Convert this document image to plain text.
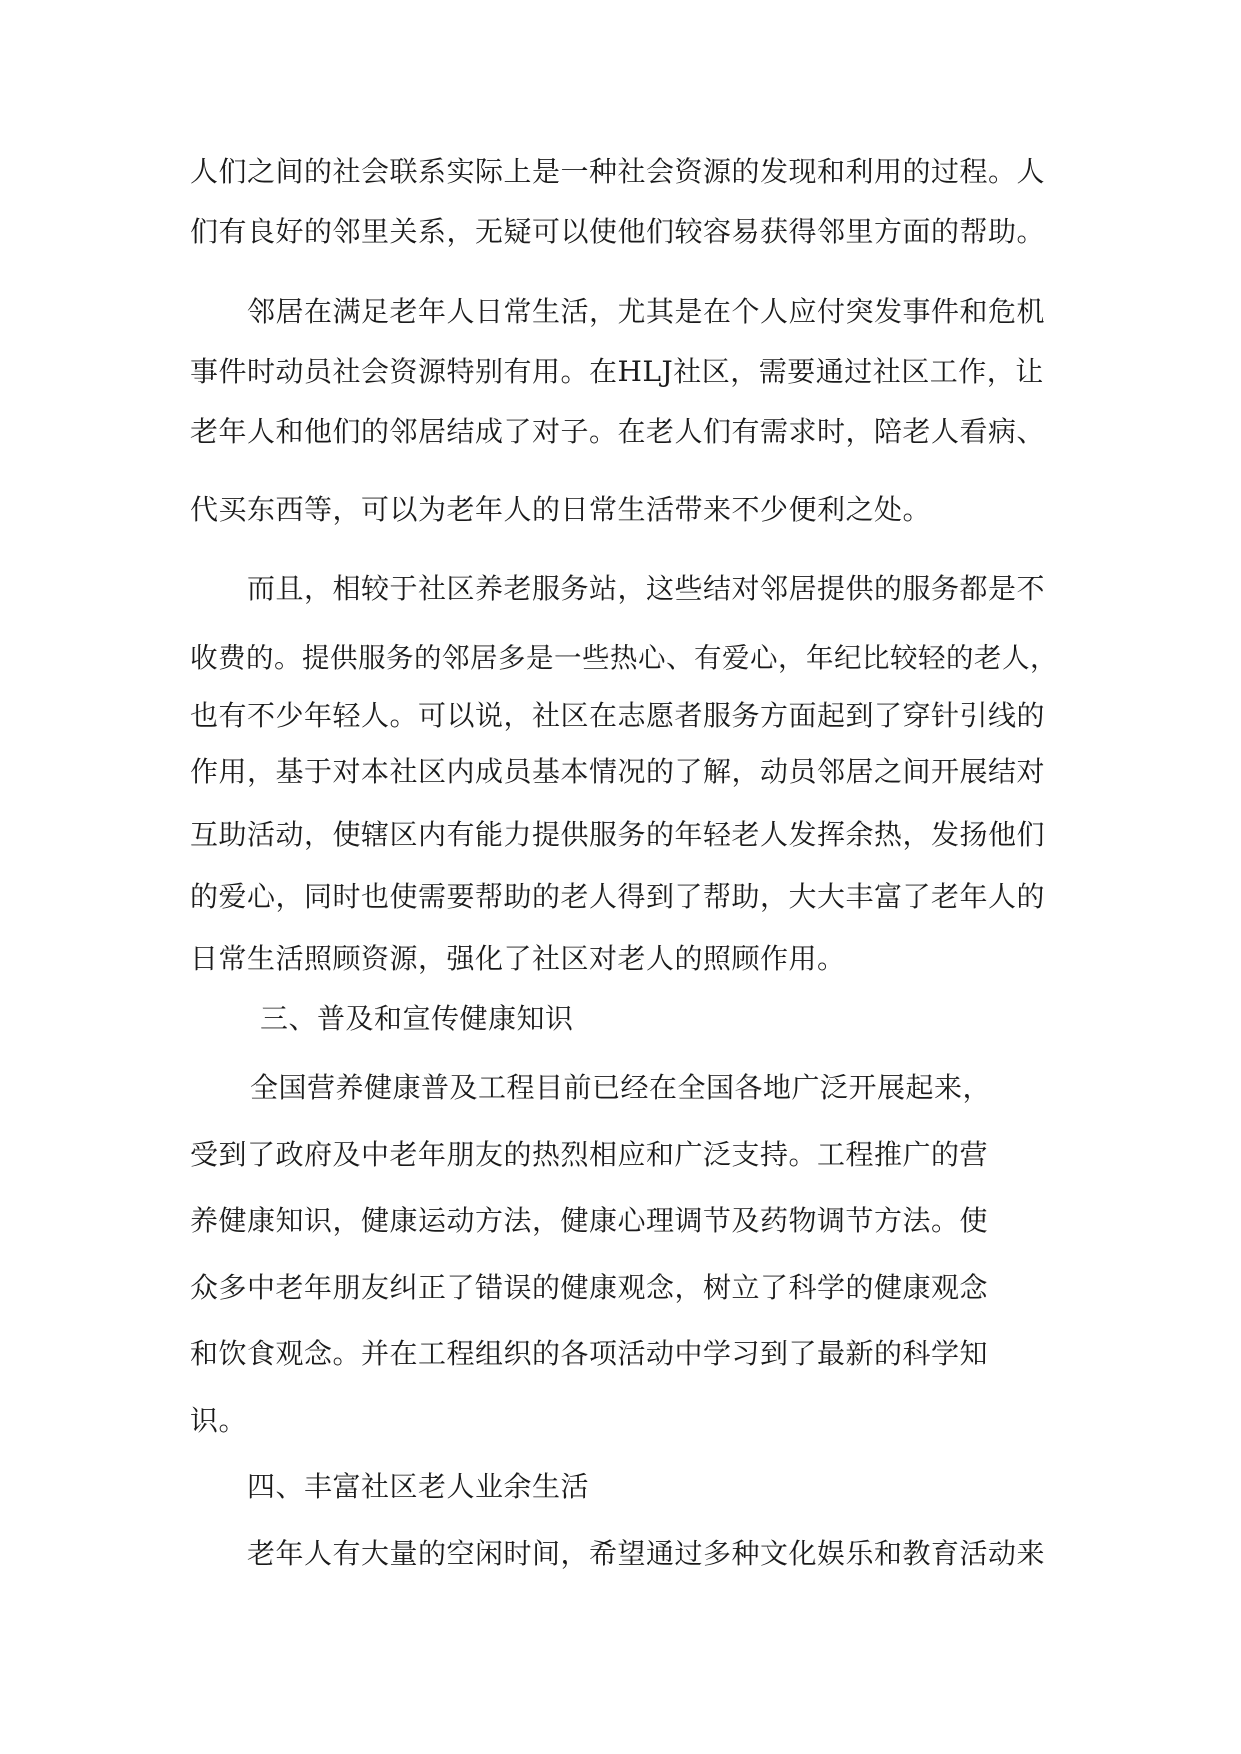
人们之间的社会联系实际上是一种社会资源的发现和利用的过程。人
们有良好的邻里关系，无疑可以使他们较容易获得邻里方面的帮助。
邻居在满足老年人日常生活，尤其是在个人应付突发事件和危机
事件时动员社会资源特别有用。在HLJ社区，需要通过社区工作，让
老年人和他们的邻居结成了对子。在老人们有需求时，陪老人看病、
代买东西等，可以为老年人的日常生活带来不少便利之处。
而且，相较于社区养老服务站，这些结对邻居提供的服务都是不
收费的。提供服务的邻居多是一些热心、有爱心，年纪比较轻的老人，
也有不少年轻人。可以说，社区在志愿者服务方面起到了穿针引线的
作用，基于对本社区内成员基本情况的了解，动员邻居之间开展结对
互助活动，使辖区内有能力提供服务的年轻老人发挥余热，发扬他们
的爱心，同时也使需要帮助的老人得到了帮助，大大丰富了老年人的
日常生活照顾资源，强化了社区对老人的照顾作用。
三、普及和宣传健康知识
全国营养健康普及工程目前已经在全国各地广泛开展起来，
受到了政府及中老年朋友的热烈相应和广泛支持。工程推广的营
养健康知识，健康运动方法，健康心理调节及药物调节方法。使
众多中老年朋友纠正了错误的健康观念，树立了科学的健康观念
和饮食观念。并在工程组织的各项活动中学习到了最新的科学知
识。
四、丰富社区老人业余生活
老年人有大量的空闲时间，希望通过多种文化娱乐和教育活动来
